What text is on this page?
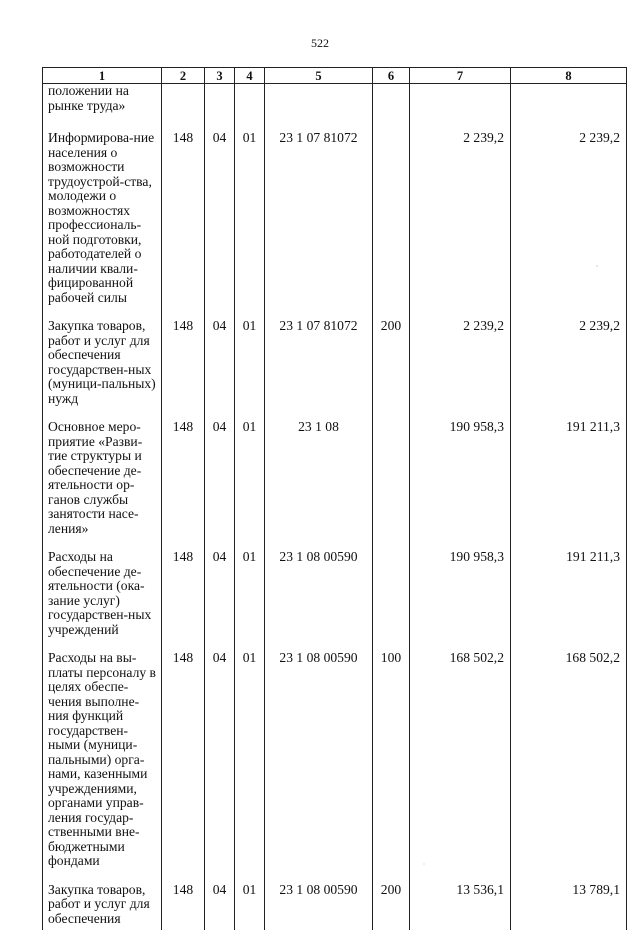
522
1	2	3	4	5	6	7	8
положении на рынке труда»							
Информирова-ние населения о возможности трудоустрой-ства, молодежи о возможностях профессиональ-ной подготовки, работодателей о наличии квали-фицированной рабочей силы	148	04	01	23 1 07 81072		2 239,2	2 239,2
Закупка товаров, работ и услуг для обеспечения государствен-ных (муници-пальных) нужд	148	04	01	23 1 07 81072	200	2 239,2	2 239,2
Основное меро-приятие «Разви-тие структуры и обеспечение де-ятельности ор-ганов службы занятости насе-ления»	148	04	01	23 1 08		190 958,3	191 211,3
Расходы на обеспечение де-ятельности (ока-зание услуг) государствен-ных учреждений	148	04	01	23 1 08 00590		190 958,3	191 211,3
Расходы на вы-платы персоналу в целях обеспе-чения выполне-ния функций государствен-ными (муници-пальными) орга-нами, казенными учреждениями, органами управ-ления государ-ственными вне-бюджетными фондами	148	04	01	23 1 08 00590	100	168 502,2	168 502,2
Закупка товаров, работ и услуг для обеспечения	148	04	01	23 1 08 00590	200	13 536,1	13 789,1
